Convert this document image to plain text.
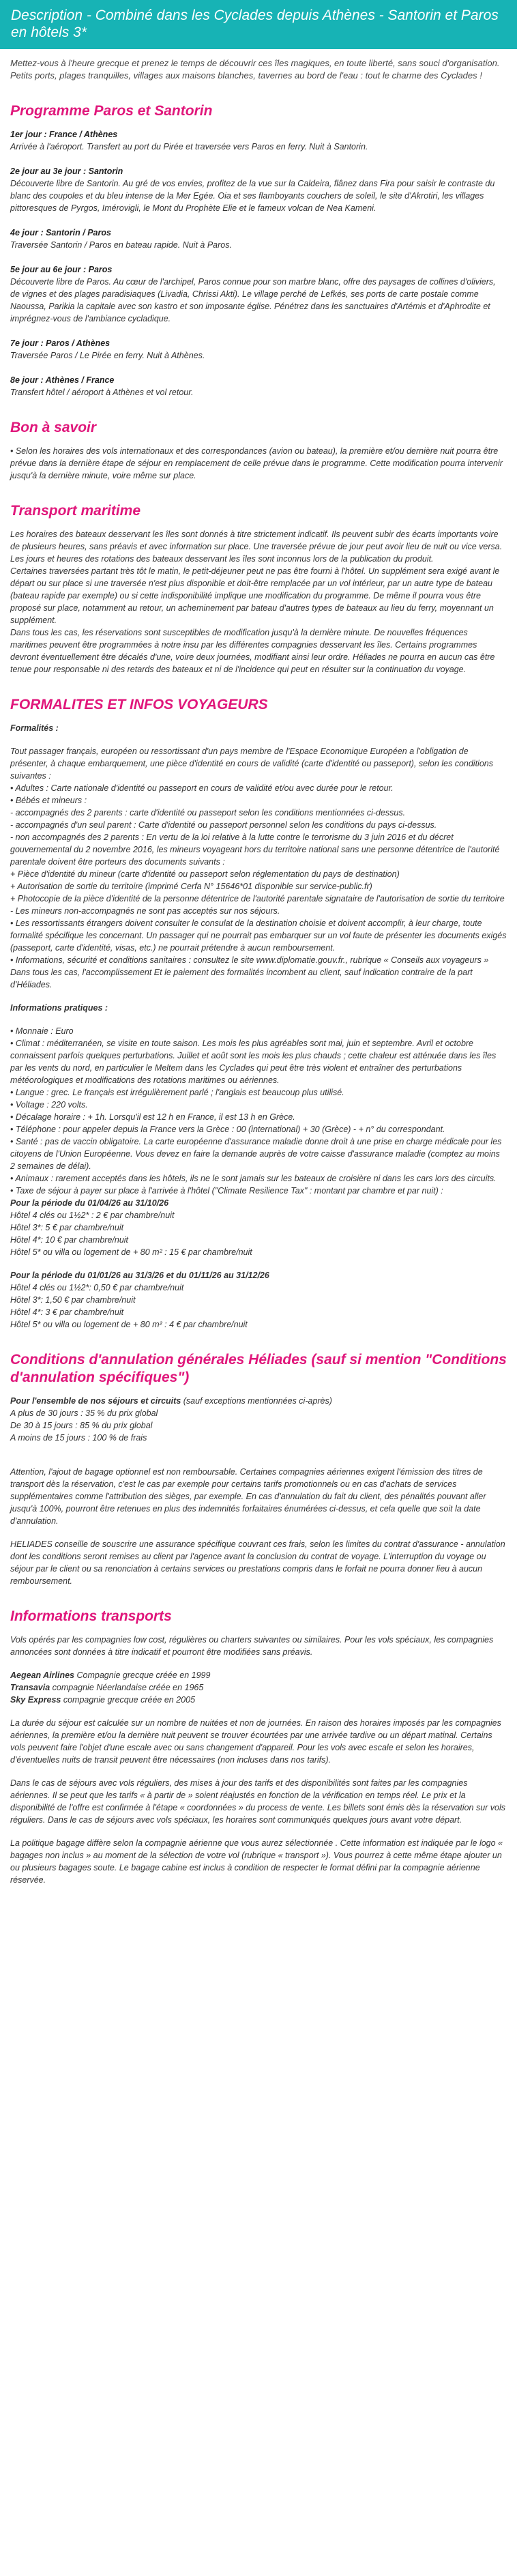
Description - Combiné dans les Cyclades depuis Athènes - Santorin et Paros en hôtels 3*

Mettez-vous à l'heure grecque et prenez le temps de découvrir ces îles magiques, en toute liberté, sans souci d'organisation. Petits ports, plages tranquilles, villages aux maisons blanches, tavernes au bord de l'eau : tout le charme des Cyclades !

Programme Paros et Santorin
1er jour : France / Athènes
Arrivée à l'aéroport. Transfert au port du Pirée et traversée vers Paros en ferry. Nuit à Santorin.
2e jour au 3e jour : Santorin
Découverte libre de Santorin. Au gré de vos envies, profitez de la vue sur la Caldeira, flânez dans Fira pour saisir le contraste du blanc des coupoles et du bleu intense de la Mer Egée. Oia et ses flamboyants couchers de soleil, le site d'Akrotiri, les villages pittoresques de Pyrgos, Imérovigli, le Mont du Prophète Elie et le fameux volcan de Nea Kameni.
4e jour : Santorin / Paros
Traversée Santorin / Paros en bateau rapide. Nuit à Paros.
5e jour au 6e jour : Paros
Découverte libre de Paros. Au cœur de l'archipel, Paros connue pour son marbre blanc, offre des paysages de collines d'oliviers, de vignes et des plages paradisiaques (Livadia, Chrissi Akti). Le village perché de Lefkés, ses ports de carte postale comme Naoussa, Parikia la capitale avec son kastro et son imposante église. Pénétrez dans les sanctuaires d'Artémis et d'Aphrodite et imprégnez-vous de l'ambiance cycladique.
7e jour : Paros / Athènes
Traversée Paros / Le Pirée en ferry. Nuit à Athènes.
8e jour : Athènes / France
Transfert hôtel / aéroport à Athènes et vol retour.
Bon à savoir

• Selon les horaires des vols internationaux et des correspondances (avion ou bateau), la première et/ou dernière nuit pourra être prévue dans la dernière étape de séjour en remplacement de celle prévue dans le programme. Cette modification pourra intervenir jusqu'à la dernière minute, voire même sur place.

Transport maritime
Les horaires des bateaux desservant les îles sont donnés à titre strictement indicatif. Ils peuvent subir des écarts importants voire de plusieurs heures, sans préavis et avec information sur place. Une traversée prévue de jour peut avoir lieu de nuit ou vice versa. Les jours et heures des rotations des bateaux desservant les îles sont inconnus lors de la publication du produit.
Certaines traversées partant très tôt le matin, le petit-déjeuner peut ne pas être fourni à l'hôtel. Un supplément sera exigé avant le départ ou sur place si une traversée n'est plus disponible et doit-être remplacée par un vol intérieur, par un autre type de bateau (bateau rapide par exemple) ou si cette indisponibilité implique une modification du programme. De même il pourra vous être proposé sur place, notamment au retour, un acheminement par bateau d'autres types de bateaux au lieu du ferry, moyennant un supplément.
Dans tous les cas, les réservations sont susceptibles de modification jusqu'à la dernière minute. De nouvelles fréquences maritimes peuvent être programmées à notre insu par les différentes compagnies desservant les îles. Certains programmes devront éventuellement être décalés d'une, voire deux journées, modifiant ainsi leur ordre. Héliades ne pourra en aucun cas être tenue pour responsable ni des retards des bateaux et ni de l'incidence qui peut en résulter sur la continuation du voyage.
FORMALITES ET INFOS VOYAGEURS
Formalités :
Tout passager français, européen ou ressortissant d'un pays membre de l'Espace Economique Européen a l'obligation de présenter, à chaque embarquement, une pièce d'identité en cours de validité (carte d'identité ou passeport), selon les conditions suivantes :
• Adultes : Carte nationale d'identité ou passeport en cours de validité et/ou avec durée pour le retour.
• Bébés et mineurs :
- accompagnés des 2 parents : carte d'identité ou passeport selon les conditions mentionnées ci-dessus.
- accompagnés d'un seul parent : Carte d'identité ou passeport personnel selon les conditions du pays ci-dessus.
- non accompagnés des 2 parents : En vertu de la loi relative à la lutte contre le terrorisme du 3 juin 2016 et du décret gouvernemental du 2 novembre 2016, les mineurs voyageant hors du territoire national sans une personne détentrice de l'autorité parentale doivent être porteurs des documents suivants :
+ Pièce d'identité du mineur (carte d'identité ou passeport selon réglementation du pays de destination)
+ Autorisation de sortie du territoire (imprimé Cerfa N° 15646*01 disponible sur service-public.fr)
+ Photocopie de la pièce d'identité de la personne détentrice de l'autorité parentale signataire de l'autorisation de sortie du territoire
- Les mineurs non-accompagnés ne sont pas acceptés sur nos séjours.
• Les ressortissants étrangers doivent consulter le consulat de la destination choisie et doivent accomplir, à leur charge, toute formalité spécifique les concernant. Un passager qui ne pourrait pas embarquer sur un vol faute de présenter les documents exigés (passeport, carte d'identité, visas, etc.) ne pourrait prétendre à aucun remboursement.
• Informations, sécurité et conditions sanitaires : consultez le site www.diplomatie.gouv.fr., rubrique « Conseils aux voyageurs »
Dans tous les cas, l'accomplissement Et le paiement des formalités incombent au client, sauf indication contraire de la part d'Héliades.
Informations pratiques :
• Monnaie : Euro
• Climat : méditerranéen, se visite en toute saison. Les mois les plus agréables sont mai, juin et septembre. Avril et octobre connaissent parfois quelques perturbations. Juillet et août sont les mois les plus chauds ; cette chaleur est atténuée dans les îles par les vents du nord, en particulier le Meltem dans les Cyclades qui peut être très violent et entraîner des perturbations météorologiques et modifications des rotations maritimes ou aériennes.
• Langue : grec. Le français est irrégulièrement parlé ; l'anglais est beaucoup plus utilisé.
• Voltage : 220 volts.
• Décalage horaire : + 1h. Lorsqu'il est 12 h en France, il est 13 h en Grèce.
• Téléphone : pour appeler depuis la France vers la Grèce : 00 (international) + 30 (Grèce) - + n° du correspondant.
• Santé : pas de vaccin obligatoire. La carte européenne d'assurance maladie donne droit à une prise en charge médicale pour les citoyens de l'Union Européenne. Vous devez en faire la demande auprès de votre caisse d'assurance maladie (comptez au moins 2 semaines de délai).
• Animaux : rarement acceptés dans les hôtels, ils ne le sont jamais sur les bateaux de croisière ni dans les cars lors des circuits.
• Taxe de séjour à payer sur place à l'arrivée à l'hôtel ("Climate Resilience Tax" : montant par chambre et par nuit) :
Pour la période du 01/04/26 au 31/10/26
Hôtel 4 clés ou 1½2* : 2 € par chambre/nuit
Hôtel 3*: 5 € par chambre/nuit
Hôtel 4*: 10 € par chambre/nuit
Hôtel 5* ou villa ou logement de + 80 m² : 15 € par chambre/nuit
Pour la période du 01/01/26 au 31/3/26 et du 01/11/26 au 31/12/26
Hôtel 4 clés ou 1½2*: 0,50 € par chambre/nuit
Hôtel 3*: 1,50 € par chambre/nuit
Hôtel 4*: 3 € par chambre/nuit
Hôtel 5* ou villa ou logement de + 80 m² : 4 € par chambre/nuit
Conditions d'annulation générales Héliades (sauf si mention "Conditions d'annulation spécifiques")
Pour l'ensemble de nos séjours et circuits (sauf exceptions mentionnées ci-après)
A plus de 30 jours : 35 % du prix global
De 30 à 15 jours : 85 % du prix global
A moins de 15 jours : 100 % de frais
Attention, l'ajout de bagage optionnel est non remboursable. Certaines compagnies aériennes exigent l'émission des titres de transport dès la réservation, c'est le cas par exemple pour certains tarifs promotionnels ou en cas d'achats de services supplémentaires comme l'attribution des sièges, par exemple. En cas d'annulation du fait du client, des pénalités pouvant aller jusqu'à 100%, pourront être retenues en plus des indemnités forfaitaires énumérées ci-dessus, et cela quelle que soit la date d'annulation.
HELIADES conseille de souscrire une assurance spécifique couvrant ces frais, selon les limites du contrat d'assurance - annulation dont les conditions seront remises au client par l'agence avant la conclusion du contrat de voyage. L'interruption du voyage ou séjour par le client ou sa renonciation à certains services ou prestations compris dans le forfait ne pourra donner lieu à aucun remboursement.
Informations transports
Vols opérés par les compagnies low cost, régulières ou charters suivantes ou similaires. Pour les vols spéciaux, les compagnies annoncées sont données à titre indicatif et pourront être modifiées sans préavis.
Aegean Airlines Compagnie grecque créée en 1999
Transavia compagnie Néerlandaise créée en 1965
Sky Express compagnie grecque créée en 2005
La durée du séjour est calculée sur un nombre de nuitées et non de journées. En raison des horaires imposés par les compagnies aériennes, la première et/ou la dernière nuit peuvent se trouver écourtées par une arrivée tardive ou un départ matinal. Certains vols peuvent faire l'objet d'une escale avec ou sans changement d'appareil. Pour les vols avec escale et selon les horaires, d'éventuelles nuits de transit peuvent être nécessaires (non incluses dans nos tarifs).
Dans le cas de séjours avec vols réguliers, des mises à jour des tarifs et des disponibilités sont faites par les compagnies aériennes. Il se peut que les tarifs « à partir de » soient réajustés en fonction de la vérification en temps réel. Le prix et la disponibilité de l'offre est confirmée à l'étape « coordonnées » du process de vente. Les billets sont émis dès la réservation sur vols réguliers. Dans le cas de séjours avec vols spéciaux, les horaires sont communiqués quelques jours avant votre départ.
La politique bagage diffère selon la compagnie aérienne que vous aurez sélectionnée . Cette information est indiquée par le logo « bagages non inclus » au moment de la sélection de votre vol (rubrique « transport »). Vous pourrez à cette même étape ajouter un ou plusieurs bagages soute. Le bagage cabine est inclus à condition de respecter le format défini par la compagnie aérienne réservée.
